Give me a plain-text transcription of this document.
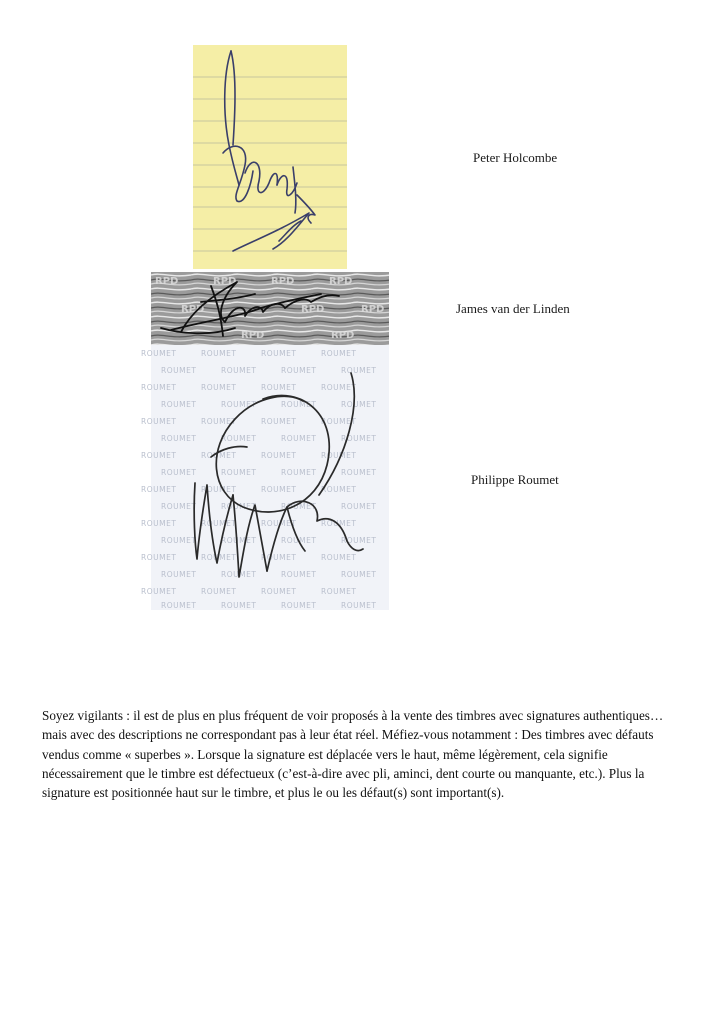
Peter Holcombe
RPD	RPD	RPD	RPD
RPD	RPD	RPD
RPD	RPD
James van der Linden
ROUMET	ROUMET	ROUMET	ROUMET
ROUMET	ROUMET	ROUMET	ROUMET
ROUMET	ROUMET	ROUMET	ROUMET
ROUMET	ROUMET	ROUMET	ROUMET
ROUMET	ROUMET	ROUMET	ROUMET
ROUMET	ROUMET	ROUMET	ROUMET
ROUMET	ROUMET	ROUMET	ROUMET
ROUMET	ROUMET	ROUMET	ROUMET
ROUMET	ROUMET	ROUMET	ROUMET
ROUMET	ROUMET	ROUMET	ROUMET
ROUMET	ROUMET	ROUMET	ROUMET
ROUMET	ROUMET	ROUMET	ROUMET
ROUMET	ROUMET	ROUMET	ROUMET
ROUMET	ROUMET	ROUMET	ROUMET
ROUMET	ROUMET	ROUMET	ROUMET
ROUMET	ROUMET	ROUMET	ROUMET
Philippe Roumet

Soyez vigilants : il est de plus en plus fréquent de voir proposés à la vente des timbres avec signatures authentiques… mais avec des descriptions ne correspondant pas à leur état réel. Méfiez-vous notamment : Des timbres avec défauts vendus comme « superbes ». Lorsque la signature est déplacée vers le haut, même légèrement, cela signifie nécessairement que le timbre est défectueux (c’est-à-dire avec pli, aminci, dent courte ou manquante, etc.). Plus la signature est positionnée haut sur le timbre, et plus le ou les défaut(s) sont important(s).
